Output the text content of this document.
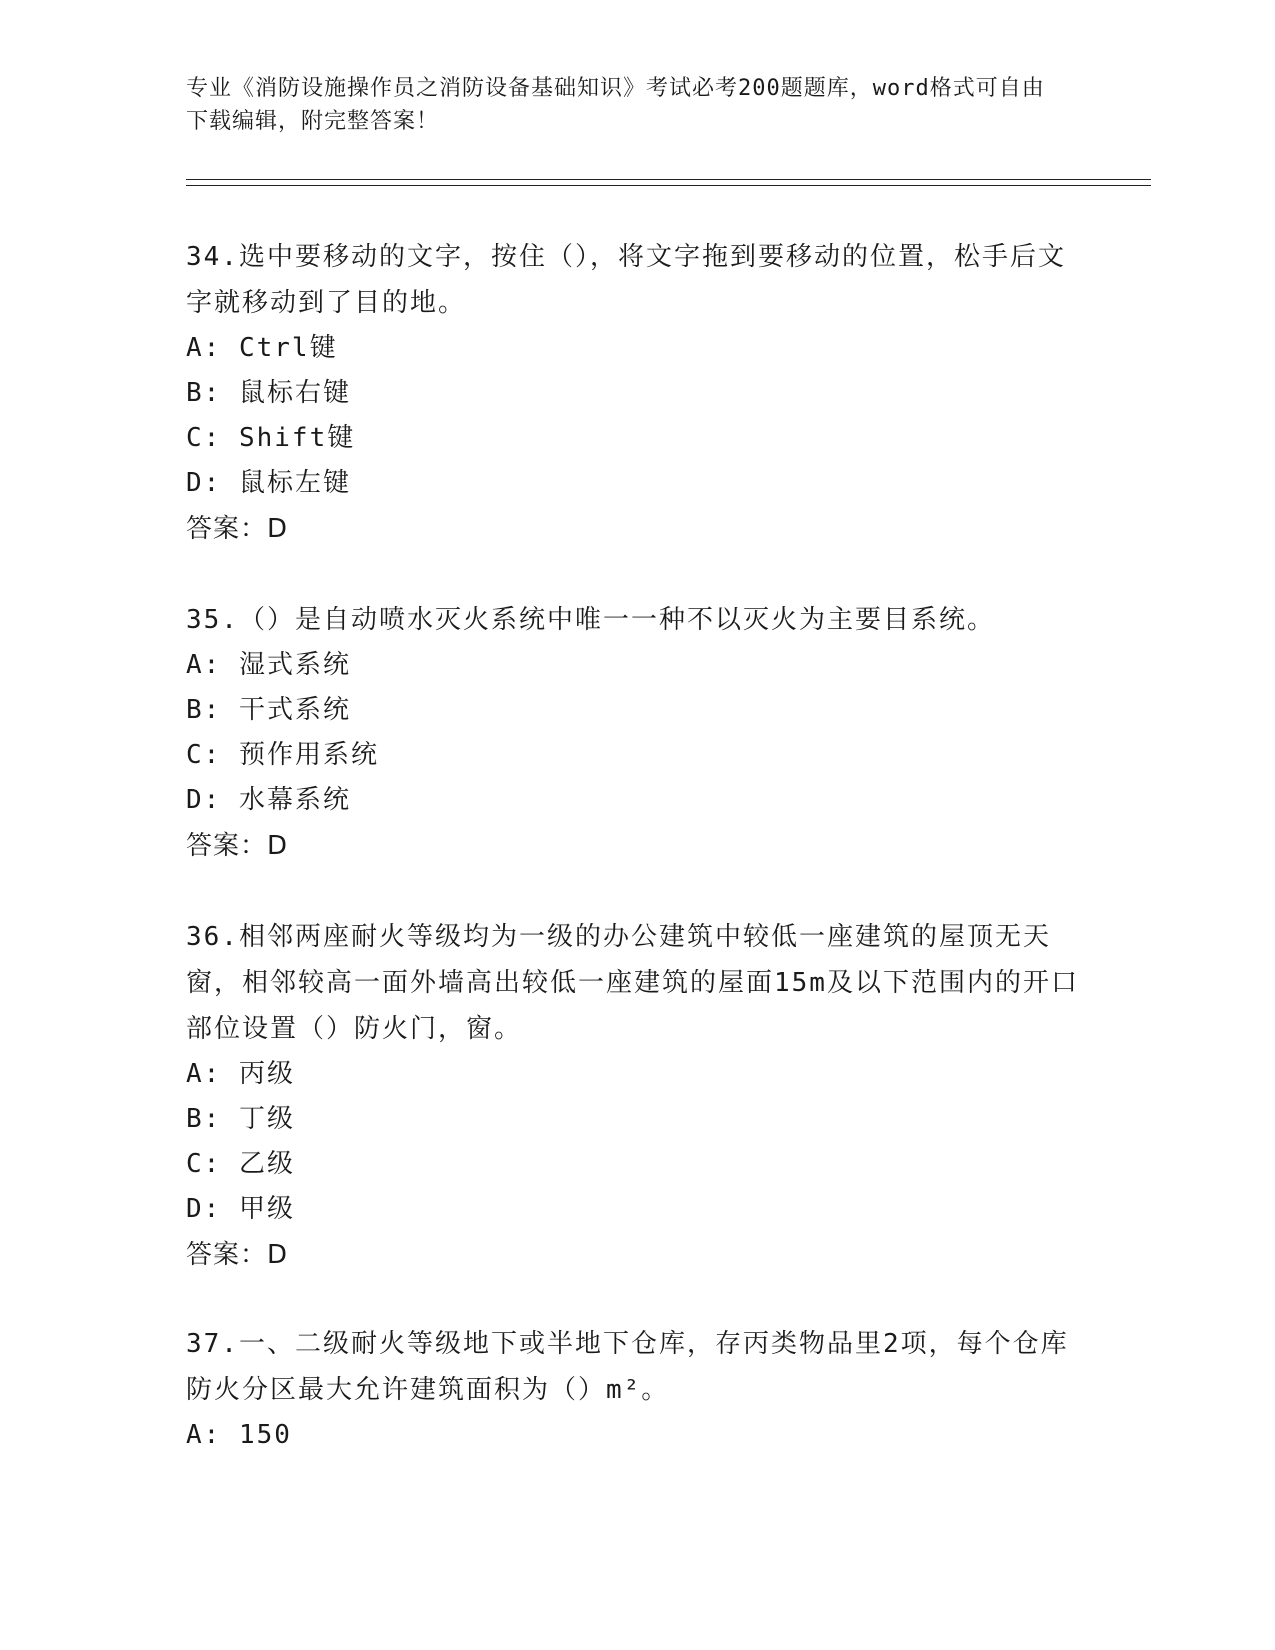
专业《消防设施操作员之消防设备基础知识》考试必考200题题库，word格式可自由下载编辑，附完整答案！
34.选中要移动的文字，按住（），将文字拖到要移动的位置，松手后文字就移动到了目的地。
A: Ctrl键
B: 鼠标右键
C: Shift键
D: 鼠标左键
答案：D
35.（）是自动喷水灭火系统中唯一一种不以灭火为主要目系统。
A: 湿式系统
B: 干式系统
C: 预作用系统
D: 水幕系统
答案：D
36.相邻两座耐火等级均为一级的办公建筑中较低一座建筑的屋顶无天窗，相邻较高一面外墙高出较低一座建筑的屋面15m及以下范围内的开口部位设置（）防火门，窗。
A: 丙级
B: 丁级
C: 乙级
D: 甲级
答案：D
37.一、二级耐火等级地下或半地下仓库，存丙类物品里2项，每个仓库防火分区最大允许建筑面积为（）m²。
A: 150
